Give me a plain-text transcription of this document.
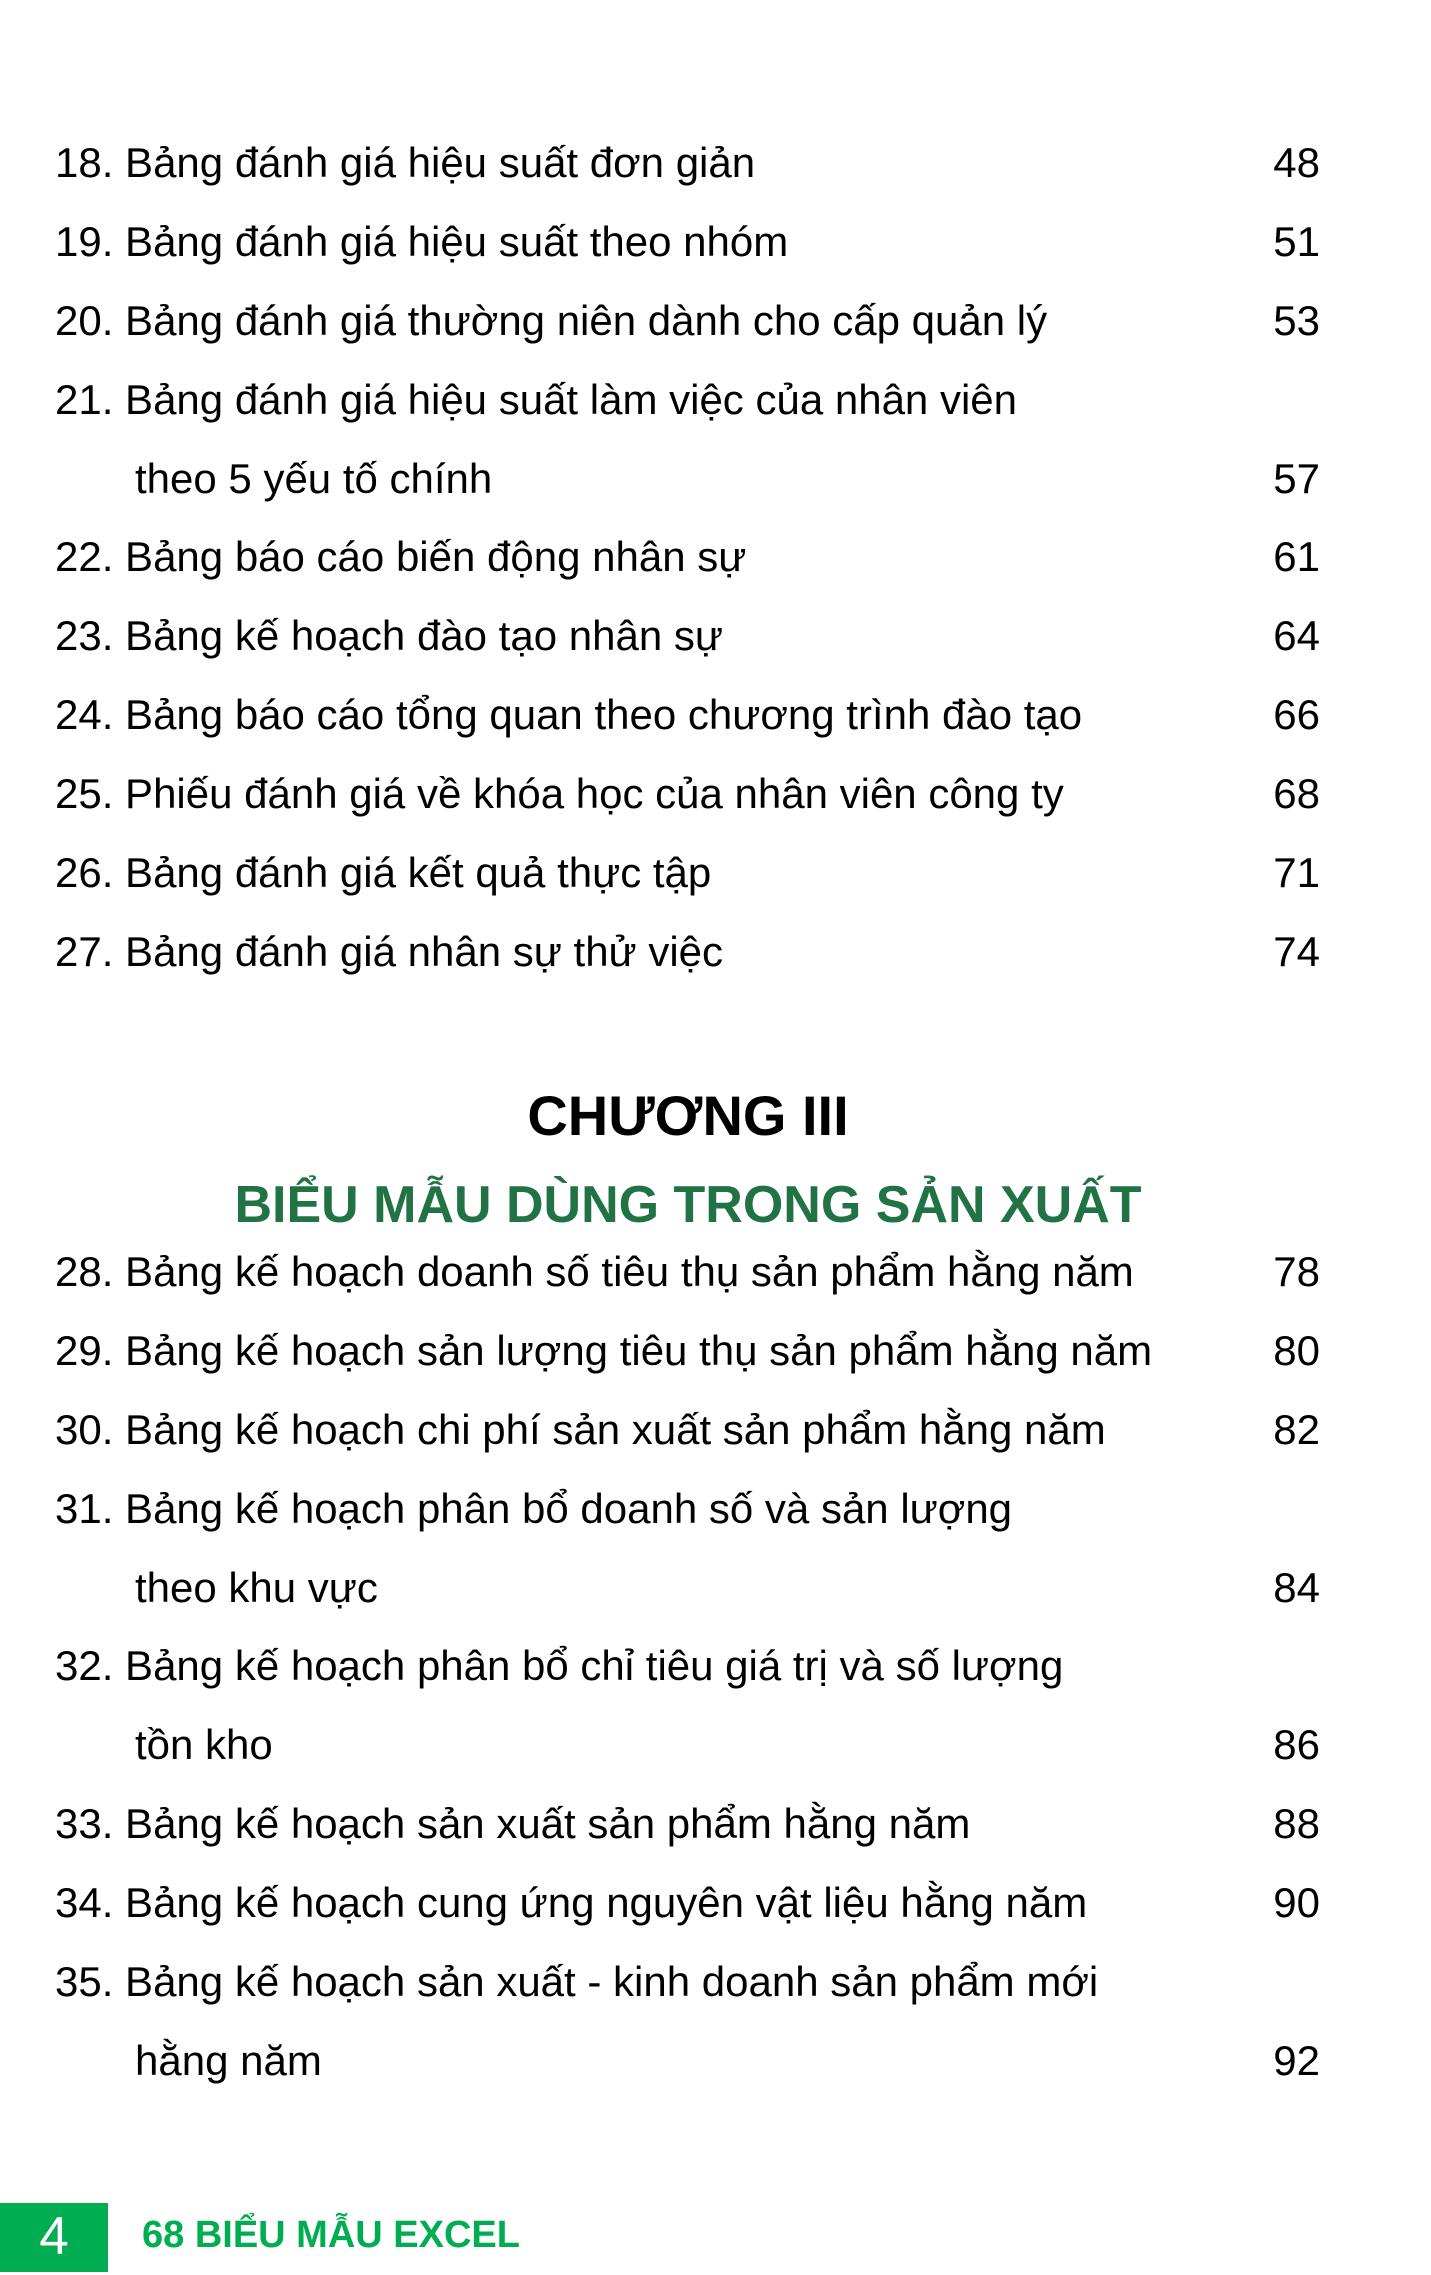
18. Bảng đánh giá hiệu suất đơn giản	48
19. Bảng đánh giá hiệu suất theo nhóm	51
20. Bảng đánh giá thường niên dành cho cấp quản lý	53
21. Bảng đánh giá hiệu suất làm việc của nhân viên
theo 5 yếu tố chính	57
22. Bảng báo cáo biến động nhân sự	61
23. Bảng kế hoạch đào tạo nhân sự	64
24. Bảng báo cáo tổng quan theo chương trình đào tạo	66
25. Phiếu đánh giá về khóa học của nhân viên công ty	68
26. Bảng đánh giá kết quả thực tập	71
27. Bảng đánh giá nhân sự thử việc	74
CHƯƠNG III
BIỂU MẪU DÙNG TRONG SẢN XUẤT
28. Bảng kế hoạch doanh số tiêu thụ sản phẩm hằng năm	78
29. Bảng kế hoạch sản lượng tiêu thụ sản phẩm hằng năm	80
30. Bảng kế hoạch chi phí sản xuất sản phẩm hằng năm	82
31. Bảng kế hoạch phân bổ doanh số và sản lượng
theo khu vực	84
32. Bảng kế hoạch phân bổ chỉ tiêu giá trị và số lượng
tồn kho	86
33. Bảng kế hoạch sản xuất sản phẩm hằng năm	88
34. Bảng kế hoạch cung ứng nguyên vật liệu hằng năm	90
35. Bảng kế hoạch sản xuất - kinh doanh sản phẩm mới
hằng năm	92
4	68 BIỂU MẪU EXCEL
